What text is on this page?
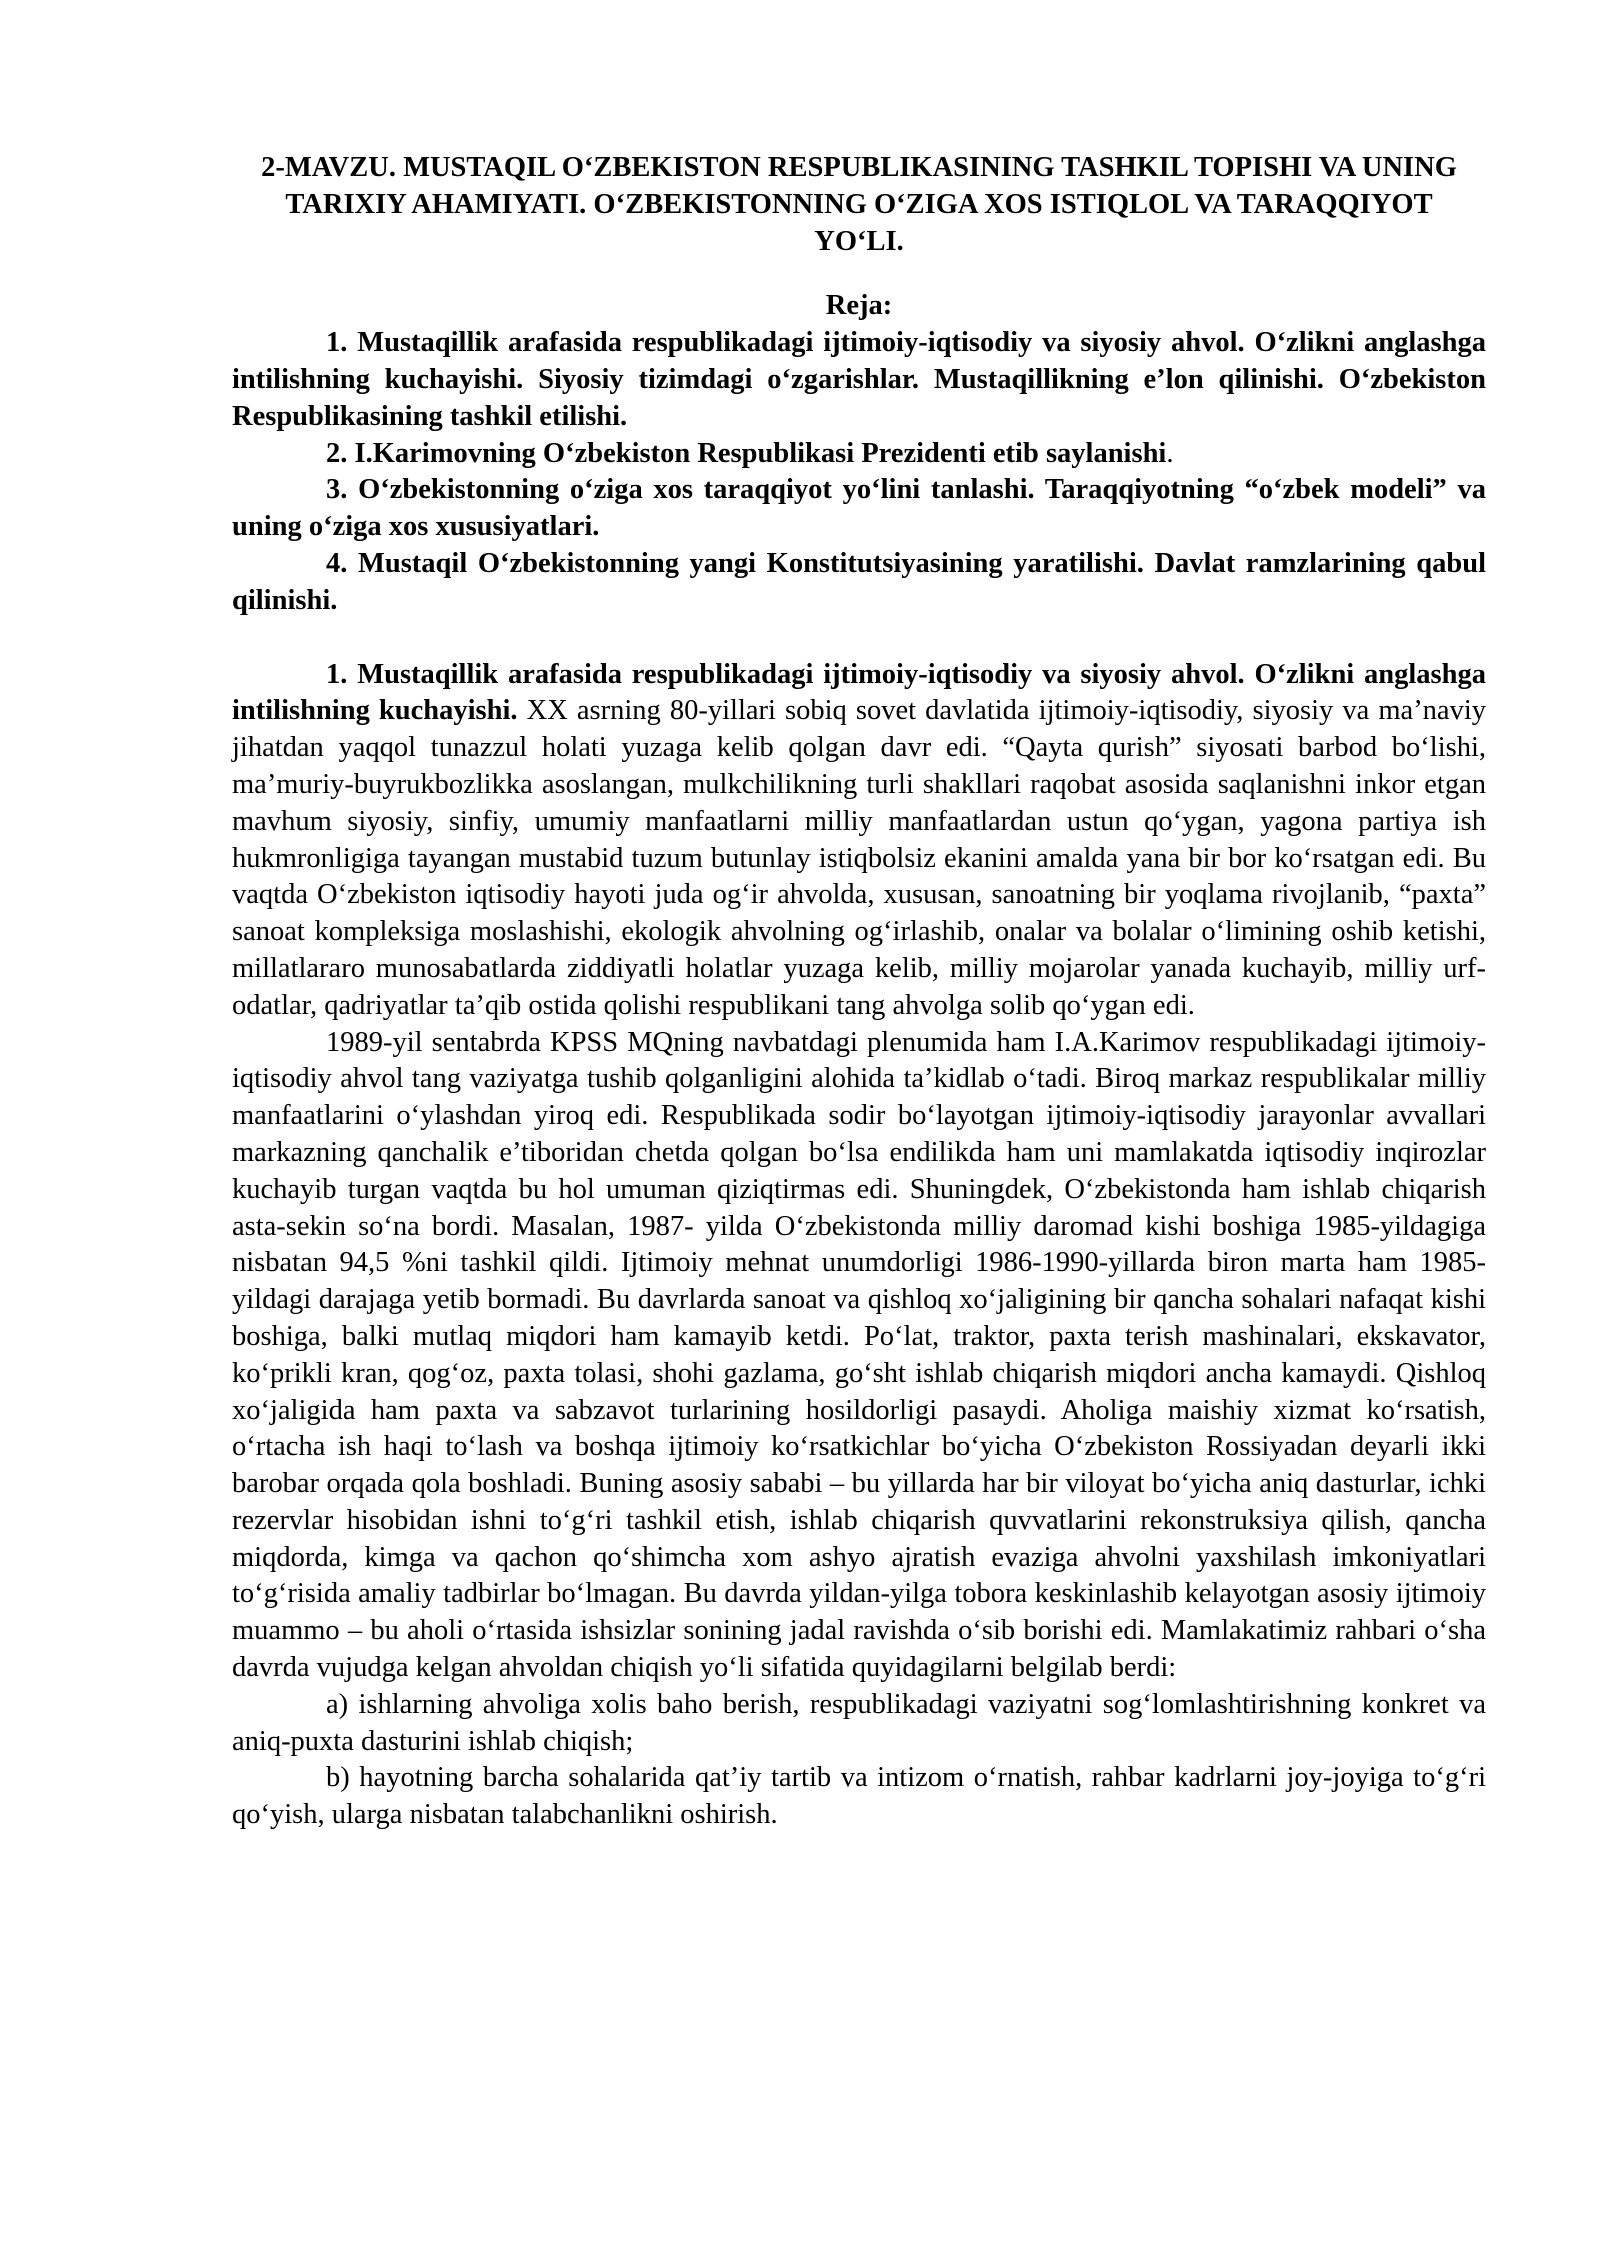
2-MAVZU. MUSTAQIL O‘ZBEKISTON RESPUBLIKASINING TASHKIL TOPISHI VA UNING TARIXIY AHAMIYATI. O‘ZBEKISTONNING O‘ZIGA XOS ISTIQLOL VA TARAQQIYOT YO‘LI.

Reja:

1. Mustaqillik arafasida respublikadagi ijtimoiy-iqtisodiy va siyosiy ahvol. O‘zlikni anglashga intilishning kuchayishi. Siyosiy tizimdagi o‘zgarishlar. Mustaqillikning e’lon qilinishi. O‘zbekiston Respublikasining tashkil etilishi.

2. I.Karimovning O‘zbekiston Respublikasi Prezidenti etib saylanishi.

3. O‘zbekistonning o‘ziga xos taraqqiyot yo‘lini tanlashi. Taraqqiyotning “o‘zbek modeli” va uning o‘ziga xos xususiyatlari.

4. Mustaqil O‘zbekistonning yangi Konstitutsiyasining yaratilishi. Davlat ramzlarining qabul qilinishi.

1. Mustaqillik arafasida respublikadagi ijtimoiy-iqtisodiy va siyosiy ahvol. O‘zlikni anglashga intilishning kuchayishi. XX asrning 80-yillari sobiq sovet davlatida ijtimoiy-iqtisodiy, siyosiy va ma’naviy jihatdan yaqqol tunazzul holati yuzaga kelib qolgan davr edi. “Qayta qurish” siyosati barbod bo‘lishi, ma’muriy-buyrukbozlikka asoslangan, mulkchilikning turli shakllari raqobat asosida saqlanishni inkor etgan mavhum siyosiy, sinfiy, umumiy manfaatlarni milliy manfaatlardan ustun qo‘ygan, yagona partiya ish hukmronligiga tayangan mustabid tuzum butunlay istiqbolsiz ekanini amalda yana bir bor ko‘rsatgan edi. Bu vaqtda O‘zbekiston iqtisodiy hayoti juda og‘ir ahvolda, xususan, sanoatning bir yoqlama rivojlanib, “paxta” sanoat kompleksiga moslashishi, ekologik ahvolning og‘irlashib, onalar va bolalar o‘limining oshib ketishi, millatlararo munosabatlarda ziddiyatli holatlar yuzaga kelib, milliy mojarolar yanada kuchayib, milliy urf-odatlar, qadriyatlar ta’qib ostida qolishi respublikani tang ahvolga solib qo‘ygan edi.

1989-yil sentabrda KPSS MQning navbatdagi plenumida ham I.A.Karimov respublikadagi ijtimoiy-iqtisodiy ahvol tang vaziyatga tushib qolganligini alohida ta’kidlab o‘tadi. Biroq markaz respublikalar milliy manfaatlarini o‘ylashdan yiroq edi. Respublikada sodir bo‘layotgan ijtimoiy-iqtisodiy jarayonlar avvallari markazning qanchalik e’tiboridan chetda qolgan bo‘lsa endilikda ham uni mamlakatda iqtisodiy inqirozlar kuchayib turgan vaqtda bu hol umuman qiziqtirmas edi. Shuningdek, O‘zbekistonda ham ishlab chiqarish asta-sekin so‘na bordi. Masalan, 1987- yilda O‘zbekistonda milliy daromad kishi boshiga 1985-yildagiga nisbatan 94,5 %ni tashkil qildi. Ijtimoiy mehnat unumdorligi 1986-1990-yillarda biron marta ham 1985-yildagi darajaga yetib bormadi. Bu davrlarda sanoat va qishloq xo‘jaligining bir qancha sohalari nafaqat kishi boshiga, balki mutlaq miqdori ham kamayib ketdi. Po‘lat, traktor, paxta terish mashinalari, ekskavator, ko‘prikli kran, qog‘oz, paxta tolasi, shohi gazlama, go‘sht ishlab chiqarish miqdori ancha kamaydi. Qishloq xo‘jaligida ham paxta va sabzavot turlarining hosildorligi pasaydi. Aholiga maishiy xizmat ko‘rsatish, o‘rtacha ish haqi to‘lash va boshqa ijtimoiy ko‘rsatkichlar bo‘yicha O‘zbekiston Rossiyadan deyarli ikki barobar orqada qola boshladi. Buning asosiy sababi – bu yillarda har bir viloyat bo‘yicha aniq dasturlar, ichki rezervlar hisobidan ishni to‘g‘ri tashkil etish, ishlab chiqarish quvvatlarini rekonstruksiya qilish, qancha miqdorda, kimga va qachon qo‘shimcha xom ashyo ajratish evaziga ahvolni yaxshilash imkoniyatlari to‘g‘risida amaliy tadbirlar bo‘lmagan. Bu davrda yildan-yilga tobora keskinlashib kelayotgan asosiy ijtimoiy muammo – bu aholi o‘rtasida ishsizlar sonining jadal ravishda o‘sib borishi edi. Mamlakatimiz rahbari o‘sha davrda vujudga kelgan ahvoldan chiqish yo‘li sifatida quyidagilarni belgilab berdi:

a) ishlarning ahvoliga xolis baho berish, respublikadagi vaziyatni sog‘lomlashtirishning konkret va aniq-puxta dasturini ishlab chiqish;

b) hayotning barcha sohalarida qat’iy tartib va intizom o‘rnatish, rahbar kadrlarni joy-joyiga to‘g‘ri qo‘yish, ularga nisbatan talabchanlikni oshirish.
